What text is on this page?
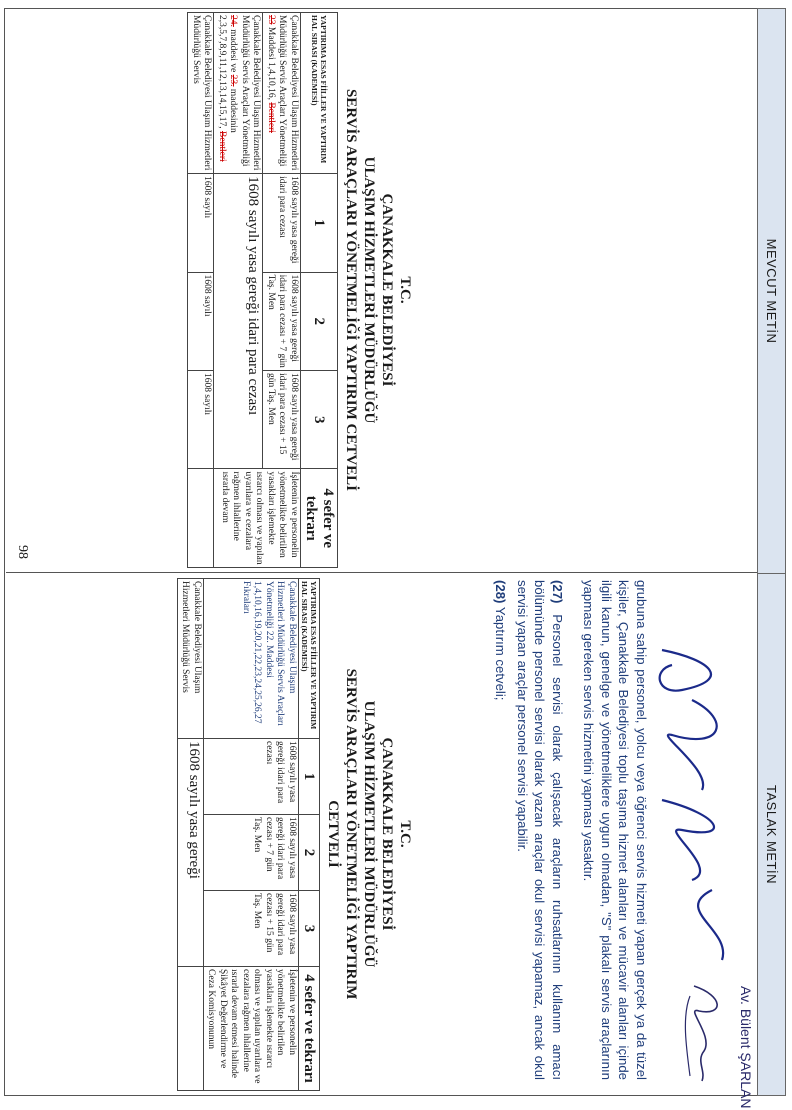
MEVCUT METİN
TASLAK METİN
Av. Bülent ŞARLAN

grubuna sahip personel, yolcu veya öğrenci servis hizmeti yapan gerçek ya da tüzel kişiler, Çanakkale Belediyesi toplu taşıma hizmet alanları ve mücavir alanları içinde ilgili kanun, genelge ve yönetmeliklere uygun olmadan, "S" plakalı servis araçlarının yapması gereken servis hizmetini yapması yasaktır.

(27) Personel servisi olarak çalışacak araçların ruhsatlarının kullanım amacı bölümünde personel servisi olarak yazan araçlar okul servisi yapamaz, ancak okul servisi yapan araçlar personel servisi yapabilir.

(28) Yaptırım cetveli;

T.C.
ÇANAKKALE BELEDİYESİ
ULAŞIM HİZMETLERİ MÜDÜRLÜĞÜ
SERVİS ARAÇLARI YÖNETMELİĞİ YAPTIRIM CETVELİ
YAPTIRIMA ESAS FİİLLER VE YAPTIRIM HAL SIRASI (KADEMESİ)	1	2	3	4 sefer ve tekrarı
Çanakkale Belediyesi Ulaşım Hizmetleri Müdürlüğü Servis Araçları Yönetmeliği 23 Maddesi 1,4,10,16, Bentleri	1608 sayılı yasa gereği idari para cezası	1608 sayılı yasa gereği idari para cezası + 7 gün Taş. Men	1608 sayılı yasa gereği idari para cezası + 15 gün Taş. Men	İşletenin ve personelin yönetmelikte belirtilen yasakları işlemekte ısrarcı olması ve yapılan uyarılara ve cezalara rağmen ihlallerine ısrarla devam
Çanakkale Belediyesi Ulaşım Hizmetleri Müdürlüğü Servis Araçları Yönetmeliği 24. maddesi ve 23. maddesinin 2,3,5,7,8,9,11,12,13,14,15,17, Bentleri	1608 sayılı yasa gereği idari para cezası			
Çanakkale Belediyesi Ulaşım Hizmetleri Müdürlüğü Servis	1608 sayılı	1608 sayılı	1608 sayılı	
T.C.
ÇANAKKALE BELEDİYESİ
ULAŞIM HİZMETLERİ MÜDÜRLÜĞÜ
SERVİS ARAÇLARI YÖNETMELİĞİ YAPTIRIM
CETVELİ
YAPTIRIMA ESAS FİİLLER VE YAPTIRIM HAL SIRASI (KADEMESİ)	1	2	3	4 sefer ve tekrarı
Çanakkale Belediyesi Ulaşım Hizmetleri Müdürlüğü Servis Araçları Yönetmeliği 22. Maddesi 1,4,10,16,19,20,21,22,23,24,25,26,27 Fıkraları	1608 sayılı yasa gereği idari para cezası	1608 sayılı yasa gereği idari para cezası + 7 gün Taş. Men	1608 sayılı yasa gereği idari para cezası + 15 gün Taş. Men	İşletenin ve personelin yönetmelikte belirtilen yasakları işlemekte ısrarcı olması ve yapılan uyarılara ve cezalara rağmen ihlallerine ısrarla devam etmesi halinde Şikâyet Değerlendirme ve Ceza Komisyonunun
Çanakkale Belediyesi Ulaşım Hizmetleri Müdürlüğü Servis	1608 sayılı yasa gereği			
98
